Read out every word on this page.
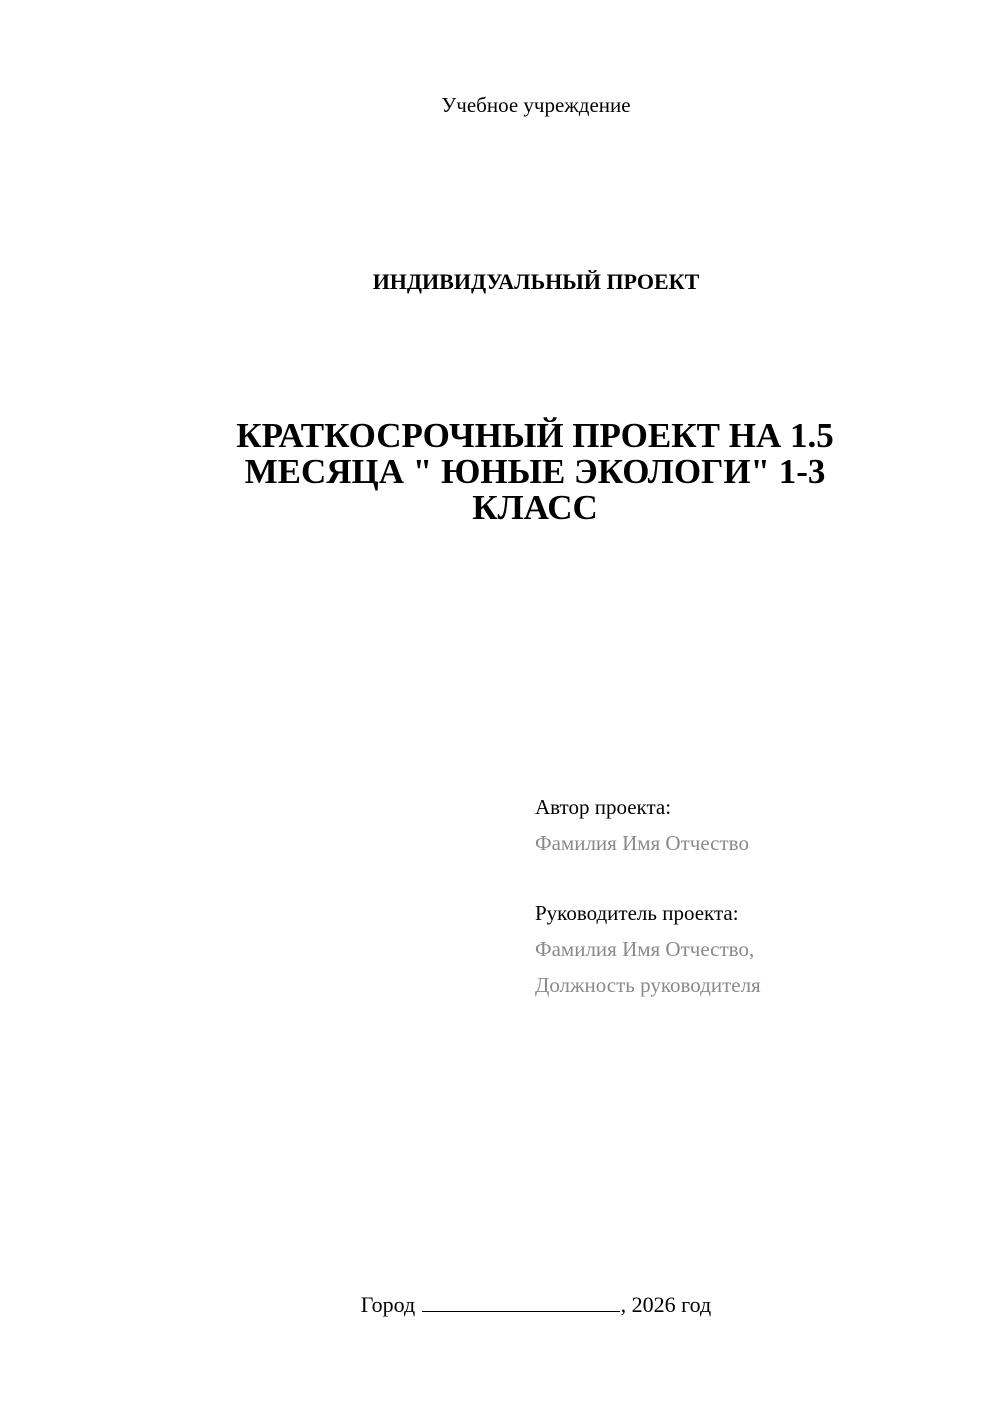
Учебное учреждение
ИНДИВИДУАЛЬНЫЙ ПРОЕКТ
КРАТКОСРОЧНЫЙ ПРОЕКТ НА 1.5
МЕСЯЦА " ЮНЫЕ ЭКОЛОГИ" 1-3
КЛАСС
Автор проекта:
Фамилия Имя Отчество
Руководитель проекта:
Фамилия Имя Отчество,
Должность руководителя
Город	, 2026 год
